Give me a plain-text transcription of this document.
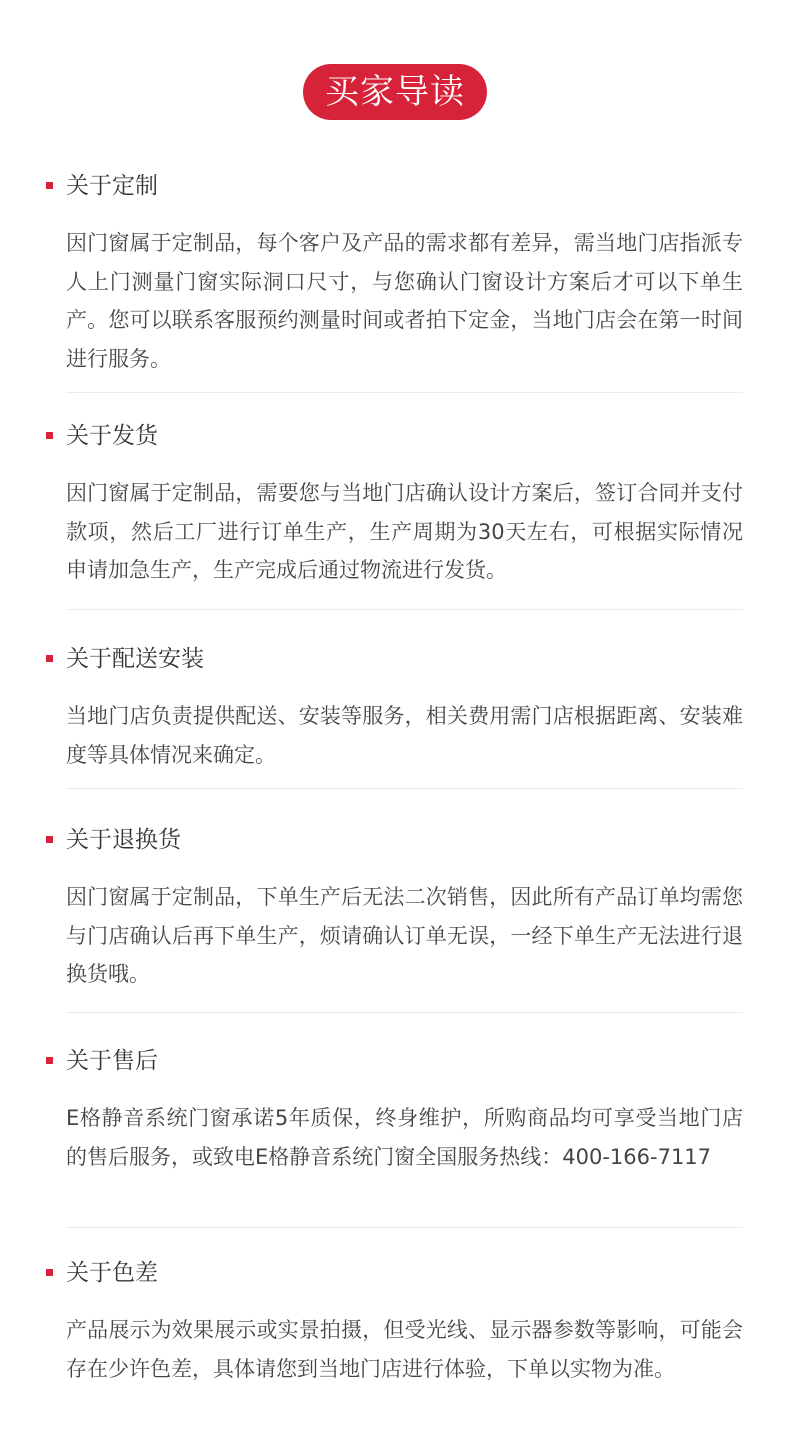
买家导读
关于定制
因门窗属于定制品，每个客户及产品的需求都有差异，需当地门店指派专人上门测量门窗实际洞口尺寸，与您确认门窗设计方案后才可以下单生产。您可以联系客服预约测量时间或者拍下定金，当地门店会在第一时间进行服务。
关于发货
因门窗属于定制品，需要您与当地门店确认设计方案后，签订合同并支付款项，然后工厂进行订单生产，生产周期为30天左右，可根据实际情况申请加急生产，生产完成后通过物流进行发货。
关于配送安装
当地门店负责提供配送、安装等服务，相关费用需门店根据距离、安装难度等具体情况来确定。
关于退换货
因门窗属于定制品，下单生产后无法二次销售，因此所有产品订单均需您与门店确认后再下单生产，烦请确认订单无误，一经下单生产无法进行退换货哦。
关于售后
E格静音系统门窗承诺5年质保，终身维护，所购商品均可享受当地门店的售后服务，或致电E格静音系统门窗全国服务热线：400-166-7117
关于色差
产品展示为效果展示或实景拍摄，但受光线、显示器参数等影响，可能会存在少许色差，具体请您到当地门店进行体验，下单以实物为准。
